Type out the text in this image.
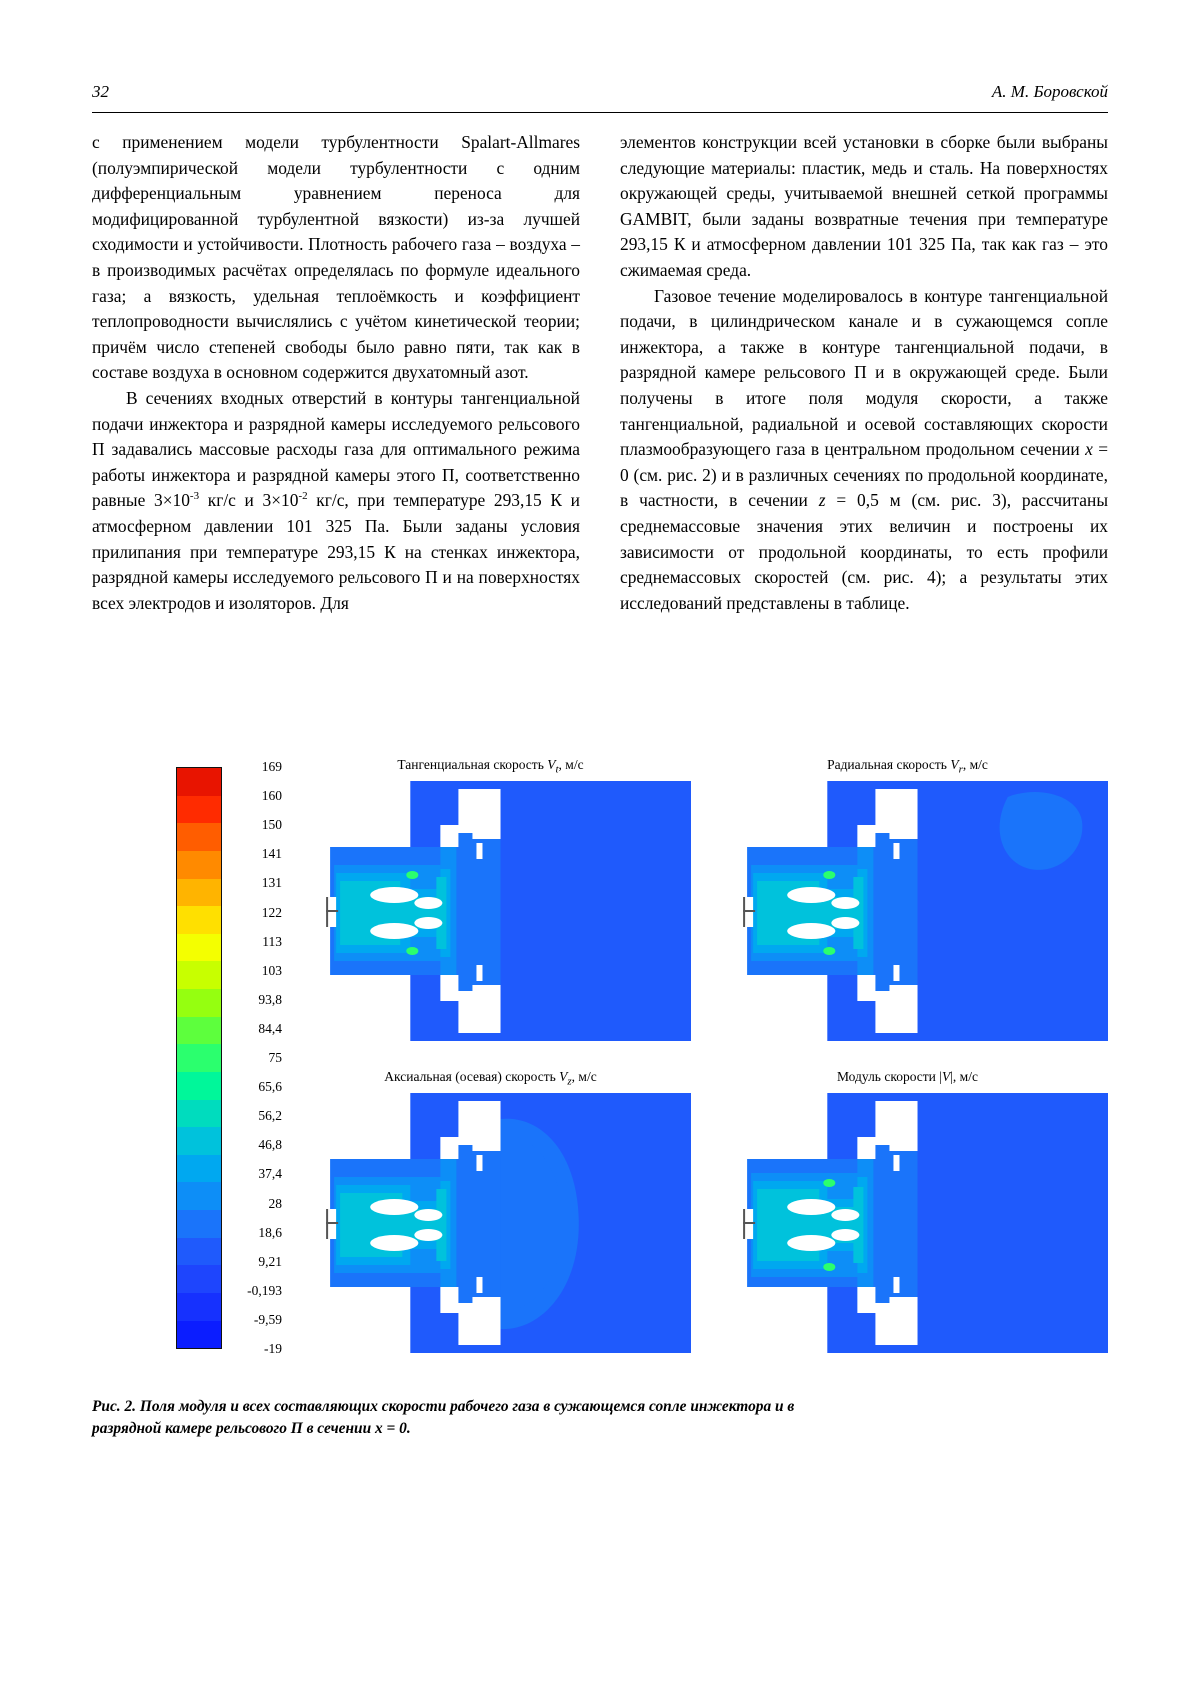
32	А. М. Боровской

с применением модели турбулентности Spalart-Allmares (полуэмпирической модели турбулентности с одним дифференциальным уравнением переноса для модифицированной турбулентной вязкости) из-за лучшей сходимости и устойчивости. Плотность рабочего газа – воздуха – в производимых расчётах определялась по формуле идеального газа; а вязкость, удельная теплоёмкость и коэффициент теплопроводности вычислялись с учётом кинетической теории; причём число степеней свободы было равно пяти, так как в составе воздуха в основном содержится двухатомный азот.

В сечениях входных отверстий в контуры тангенциальной подачи инжектора и разрядной камеры исследуемого рельсового П задавались массовые расходы газа для оптимального режима работы инжектора и разрядной камеры этого П, соответственно равные $3\times 10^{-3}$ кг/с и $3\times 10^{-2}$ кг/с, при температуре 293,15 К и атмосферном давлении 101 325 Па. Были заданы условия прилипания при температуре 293,15 К на стенках инжектора, разрядной камеры исследуемого рельсового П и на поверхностях всех электродов и изоляторов. Для

элементов конструкции всей установки в сборке были выбраны следующие материалы: пластик, медь и сталь. На поверхностях окружающей среды, учитываемой внешней сеткой программы GAMBIT, были заданы возвратные течения при температуре 293,15 К и атмосферном давлении 101 325 Па, так как газ – это сжимаемая среда.

Газовое течение моделировалось в контуре тангенциальной подачи, в цилиндрическом канале и в сужающемся сопле инжектора, а также в контуре тангенциальной подачи, в разрядной камере рельсового П и в окружающей среде. Были получены в итоге поля модуля скорости, а также тангенциальной, радиальной и осевой составляющих скорости плазмообразующего газа в центральном продольном сечении x = 0 (см. рис. 2) и в различных сечениях по продольной координате, в частности, в сечении z = 0,5 м (см. рис. 3), рассчитаны среднемассовые значения этих величин и построены их зависимости от продольной координаты, то есть профили среднемассовых скоростей (см. рис. 4); а результаты этих исследований представлены в таблице.

169
160
150
141
131
122
113
103
93,8
84,4
75
65,6
56,2
46,8
37,4
28
18,6
9,21
-0,193
-9,59
-19
Тангенциальная скорость $V_t$, м/с	Радиальная скорость $V_r$, м/с
Аксиальная (осевая) скорость $V_z$, м/с	Модуль скорости |V|, м/с
Рис. 2. Поля модуля и всех составляющих скорости рабочего газа в сужающемся сопле инжектора и в
разрядной камере рельсового П в сечении x = 0.
